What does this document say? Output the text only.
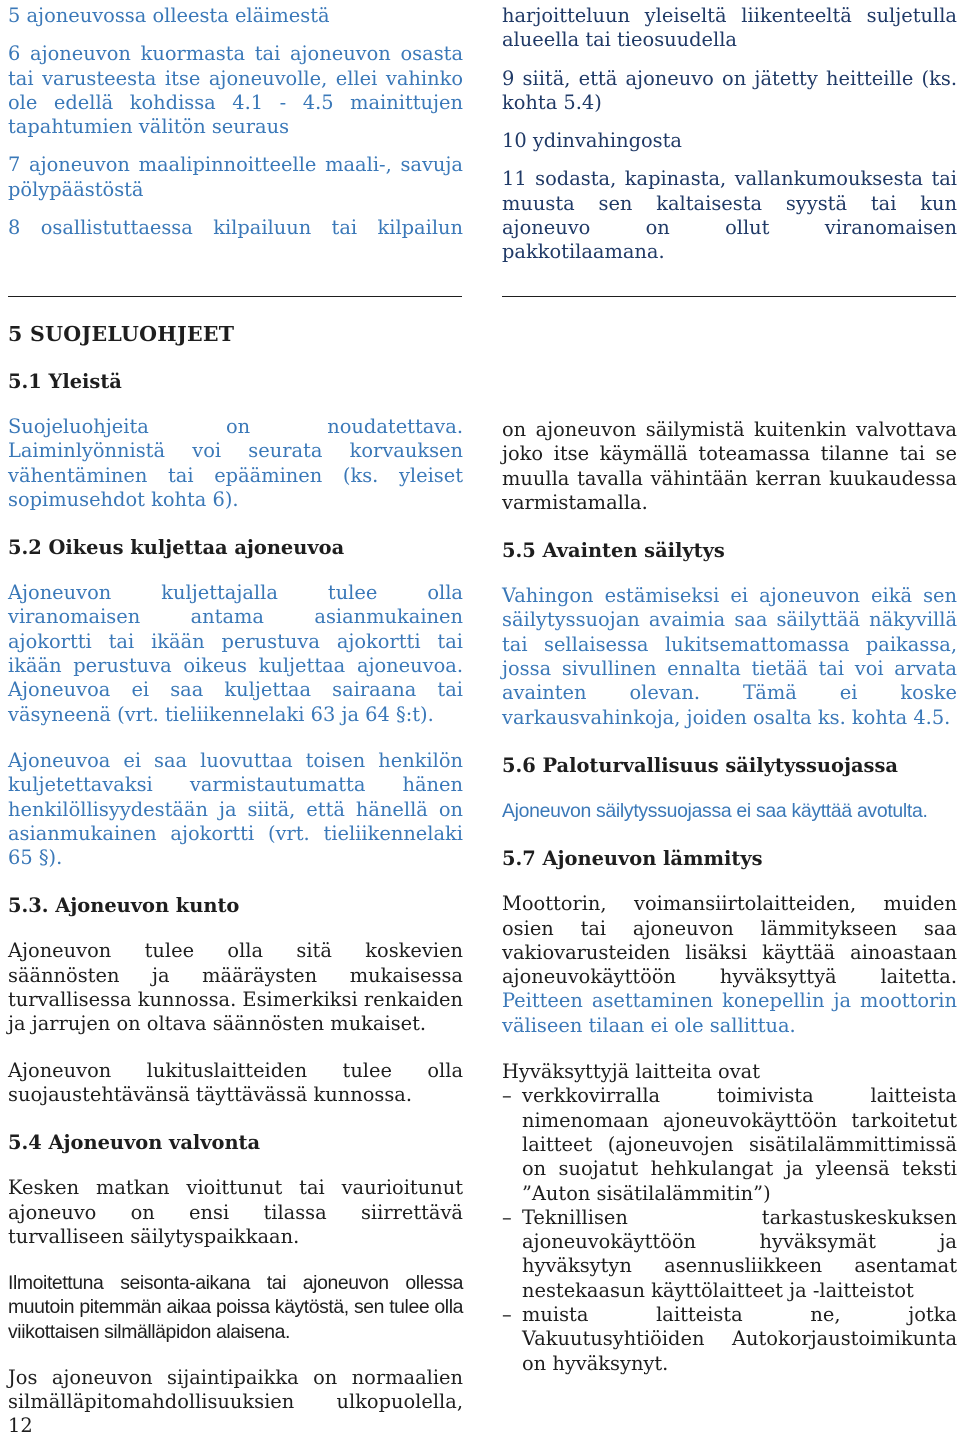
5 ajoneuvossa olleesta eläimestä

6 ajoneuvon kuormasta tai ajoneuvon osasta tai varusteesta itse ajoneuvolle, ellei vahinko ole edellä kohdissa 4.1 - 4.5 mainittujen tapahtumien välitön seuraus

7 ajoneuvon maalipinnoitteelle maali-, savuja pölypäästöstä

8 osallistuttaessa kilpailuun tai kilpailun

harjoitteluun yleiseltä liikenteeltä suljetulla alueella tai tieosuudella

9 siitä, että ajoneuvo on jätetty heitteille (ks. kohta 5.4)

10 ydinvahingosta

11 sodasta, kapinasta, vallankumouksesta tai muusta sen kaltaisesta syystä tai kun ajoneuvo on ollut viranomaisen pakkotilaamana.

5 SUOJELUOHJEET

5.1 Yleistä

Suojeluohjeita on noudatettava. Laiminlyönnistä voi seurata korvauksen vähentäminen tai epääminen (ks. yleiset sopimusehdot kohta 6).

5.2 Oikeus kuljettaa ajoneuvoa

Ajoneuvon kuljettajalla tulee olla viranomaisen antama asianmukainen ajokortti tai ikään perustuva ajokortti tai ikään perustuva oikeus kuljettaa ajoneuvoa. Ajoneuvoa ei saa kuljettaa sairaana tai väsyneenä (vrt. tieliikennelaki 63 ja 64 §:t).

Ajoneuvoa ei saa luovuttaa toisen henkilön kuljetettavaksi varmistautumatta hänen henkilöllisyydestään ja siitä, että hänellä on asianmukainen ajokortti (vrt. tieliikennelaki 65 §).

5.3. Ajoneuvon kunto

Ajoneuvon tulee olla sitä koskevien säännösten ja määräysten mukaisessa turvallisessa kunnossa. Esimerkiksi renkaiden ja jarrujen on oltava säännösten mukaiset.

Ajoneuvon lukituslaitteiden tulee olla suojaustehtävänsä täyttävässä kunnossa.

5.4 Ajoneuvon valvonta

Kesken matkan vioittunut tai vaurioitunut ajoneuvo on ensi tilassa siirrettävä turvalliseen säilytyspaikkaan.

Ilmoitettuna seisonta-aikana tai ajoneuvon ollessa muutoin pitemmän aikaa poissa käytöstä, sen tulee olla viikottaisen silmälläpidon alaisena.

Jos ajoneuvon sijaintipaikka on normaalien silmälläpitomahdollisuuksien ulkopuolella,

on ajoneuvon säilymistä kuitenkin valvottava joko itse käymällä toteamassa tilanne tai se muulla tavalla vähintään kerran kuukaudessa varmistamalla.

5.5 Avainten säilytys

Vahingon estämiseksi ei ajoneuvon eikä sen säilytyssuojan avaimia saa säilyttää näkyvillä tai sellaisessa lukitsemattomassa paikassa, jossa sivullinen ennalta tietää tai voi arvata avainten olevan. Tämä ei koske varkausvahinkoja, joiden osalta ks. kohta 4.5.

5.6 Paloturvallisuus säilytyssuojassa

Ajoneuvon säilytyssuojassa ei saa käyttää avotulta.

5.7 Ajoneuvon lämmitys

Moottorin, voimansiirtolaitteiden, muiden osien tai ajoneuvon lämmitykseen saa vakiovarusteiden lisäksi käyttää ainoastaan ajoneuvokäyttöön hyväksyttyä laitetta. Peitteen asettaminen konepellin ja moottorin väliseen tilaan ei ole sallittua.

Hyväksyttyjä laitteita ovat

– verkkovirralla toimivista laitteista nimenomaan ajoneuvokäyttöön tarkoitetut laitteet (ajoneuvojen sisätilalämmittimissä on suojatut hehkulangat ja yleensä teksti ”Auton sisätilalämmitin”)
– Teknillisen tarkastuskeskuksen ajoneuvokäyttöön hyväksymät ja hyväksytyn asennusliikkeen asentamat nestekaasun käyttölaitteet ja -laitteistot
– muista laitteista ne, jotka Vakuutusyhtiöiden Autokorjaustoimikunta on hyväksynyt.
12
